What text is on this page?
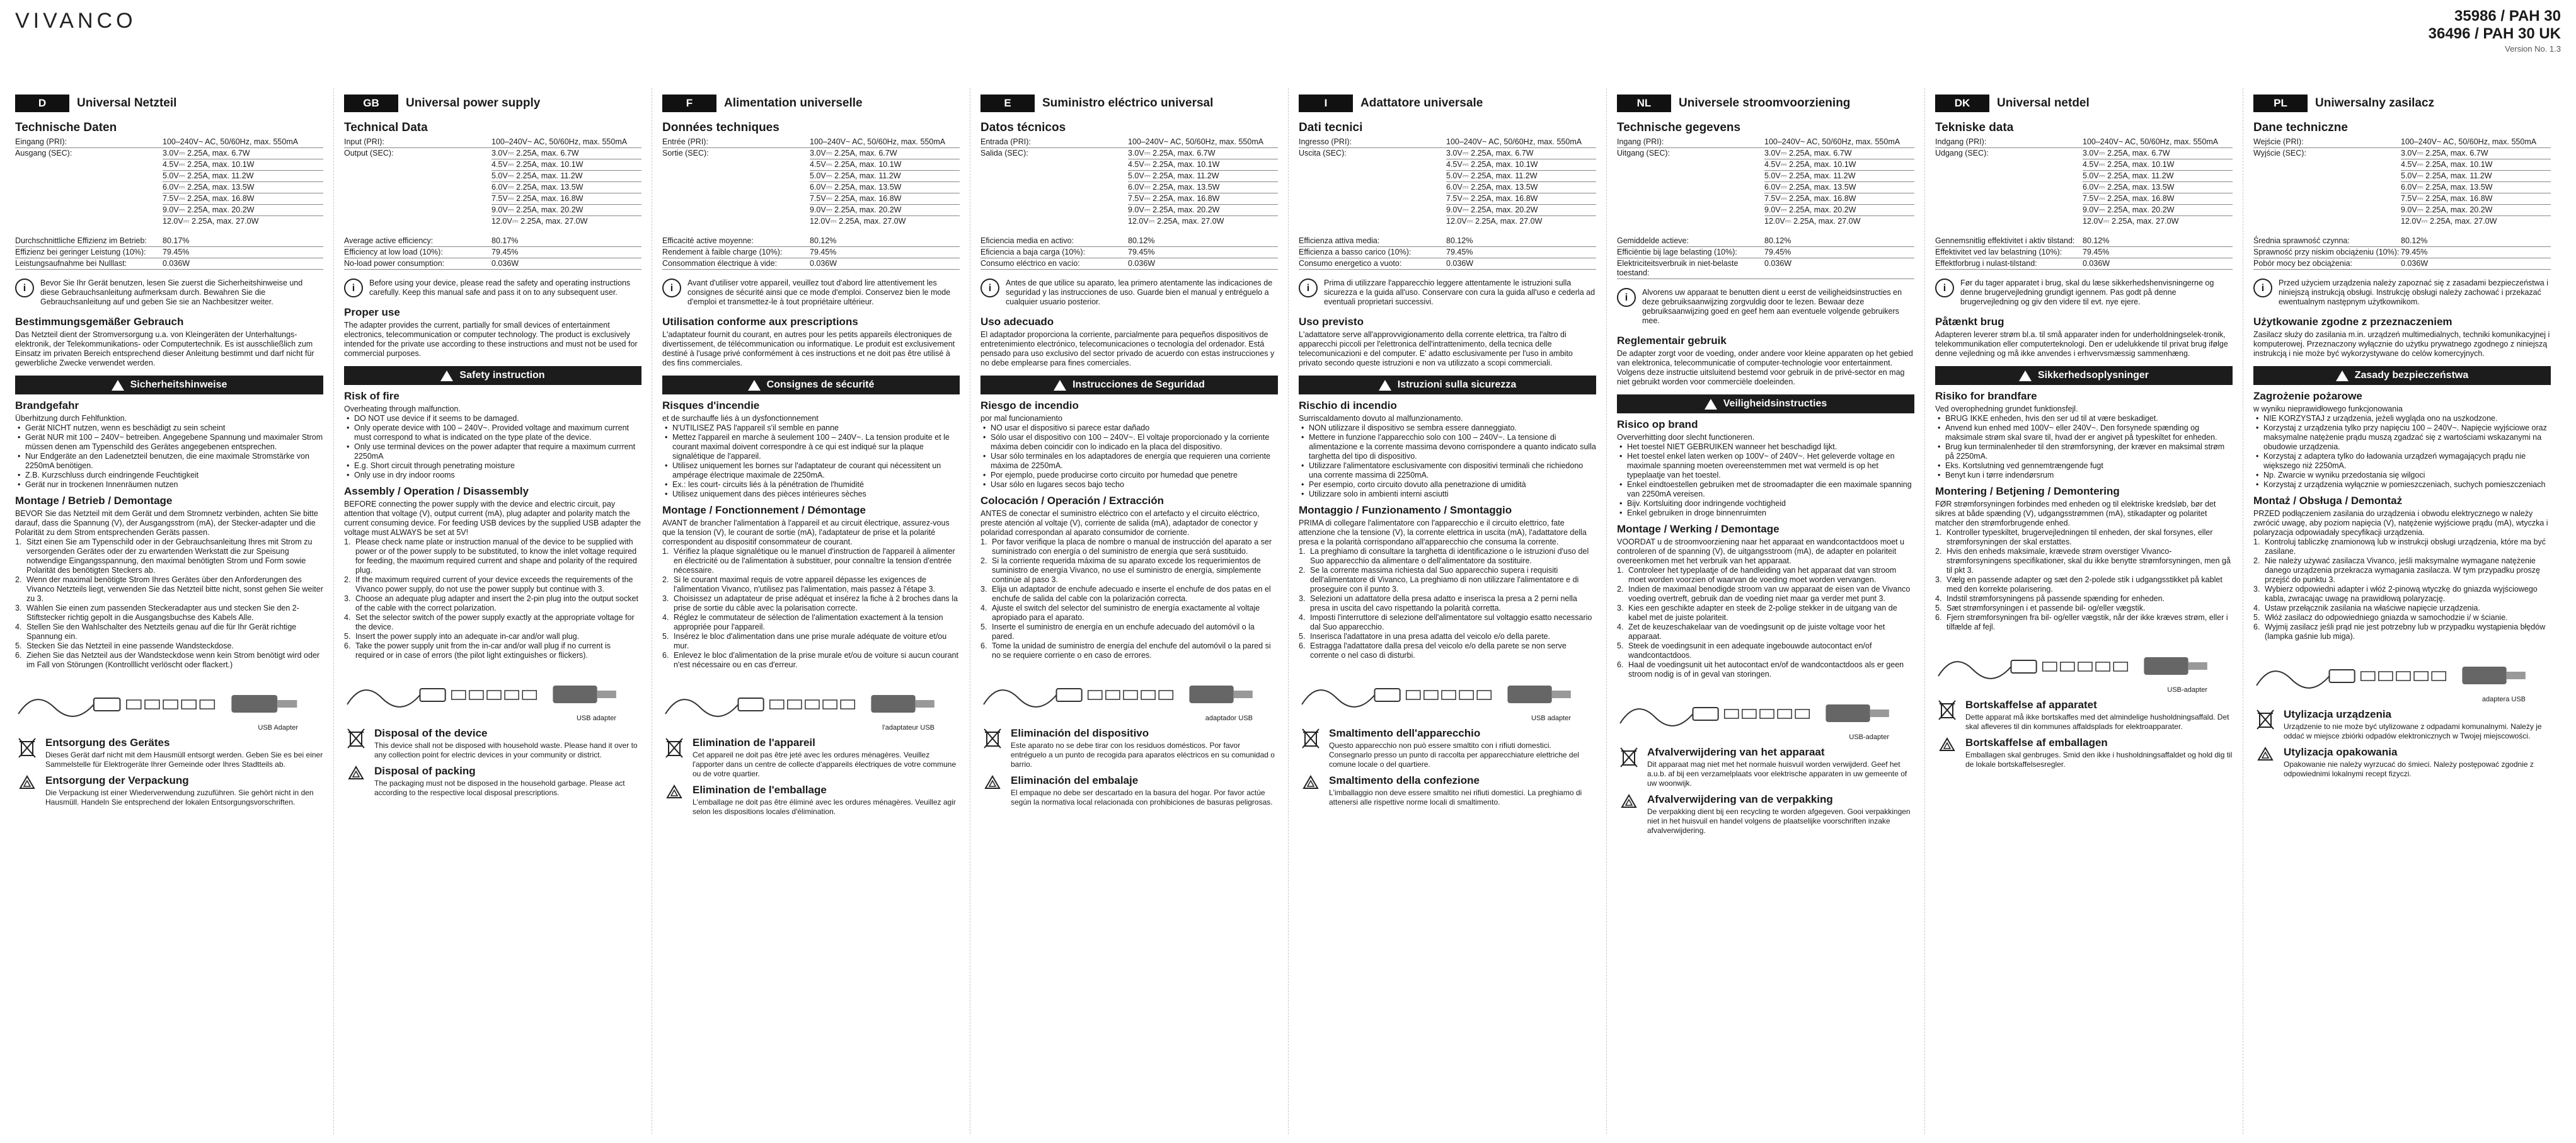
VIVANCO	35986 / PAH 30
36496 / PAH 30 UK
Version No. 1.3
D	Universal Netzteil
Technische Daten
Eingang (PRI):	100–240V~ AC, 50/60Hz, max. 550mA
Ausgang (SEC):	3.0V⎓ 2.25A, max. 6.7W
4.5V⎓ 2.25A, max. 10.1W
5.0V⎓ 2.25A, max. 11.2W
6.0V⎓ 2.25A, max. 13.5W
7.5V⎓ 2.25A, max. 16.8W
9.0V⎓ 2.25A, max. 20.2W
12.0V⎓ 2.25A, max. 27.0W
Durchschnittliche Effizienz im Betrieb:	80.17%
Effizienz bei geringer Leistung (10%):	79.45%
Leistungsaufnahme bei Nulllast:	0.036W
i	Bevor Sie Ihr Gerät benutzen, lesen Sie zuerst die Sicherheitshinweise und diese Gebrauchsanleitung aufmerksam durch. Bewahren Sie die Gebrauchsanleitung auf und geben Sie sie an Nachbesitzer weiter.
Bestimmungsgemäßer Gebrauch
Das Netzteil dient der Stromversorgung u.a. von Kleingeräten der Unterhaltungs-elektronik, der Telekommunikations- oder Computertechnik. Es ist ausschließlich zum Einsatz im privaten Bereich entsprechend dieser Anleitung bestimmt und darf nicht für gewerbliche Zwecke verwendet werden.
Sicherheitshinweise
Brandgefahr
Überhitzung durch Fehlfunktion.
• Gerät NICHT nutzen, wenn es beschädigt zu sein scheint
• Gerät NUR mit 100 – 240V~ betreiben. Angegebene Spannung und maximaler Strom müssen denen am Typenschild des Gerätes angegebenen entsprechen.
• Nur Endgeräte an den Ladenetzteil benutzen, die eine maximale Stromstärke von 2250mA benötigen.
• Z.B. Kurzschluss durch eindringende Feuchtigkeit
• Gerät nur in trockenen Innenräumen nutzen
Montage / Betrieb / Demontage
BEVOR Sie das Netzteil mit dem Gerät und dem Stromnetz verbinden, achten Sie bitte darauf, dass die Spannung (V), der Ausgangsstrom (mA), der Stecker-adapter und die Polarität zu dem Strom entsprechenden Geräts passen.
1. Sitzt einen Sie am Typenschild oder in der Gebrauchsanleitung Ihres mit Strom zu versorgenden Gerätes oder der zu erwartenden Werkstatt die zur Speisung notwendige Eingangsspannung, den maximal benötigten Strom und Form sowie Polarität des benötigten Steckers ab.
2. Wenn der maximal benötigte Strom Ihres Gerätes über den Anforderungen des Vivanco Netzteils liegt, verwenden Sie das Netzteil bitte nicht, sonst gehen Sie weiter zu 3.
3. Wählen Sie einen zum passenden Steckeradapter aus und stecken Sie den 2-Stiftstecker richtig gepolt in die Ausgangsbuchse des Kabels Alle.
4. Stellen Sie den Wahlschalter des Netzteils genau auf die für Ihr Gerät richtige Spannung ein.
5. Stecken Sie das Netzteil in eine passende Wandsteckdose.
6. Ziehen Sie das Netzteil aus der Wandsteckdose wenn kein Strom benötigt wird oder im Fall von Störungen (Kontrolllicht verlöscht oder flackert.)
USB Adapter
Entsorgung des Gerätes
Dieses Gerät darf nicht mit dem Hausmüll entsorgt werden. Geben Sie es bei einer Sammelstelle für Elektrogeräte Ihrer Gemeinde oder Ihres Stadtteils ab.
Entsorgung der Verpackung
Die Verpackung ist einer Wiederverwendung zuzuführen. Sie gehört nicht in den Hausmüll. Handeln Sie entsprechend der lokalen Entsorgungsvorschriften.
GB	Universal power supply
Technical Data
Input (PRI):	100–240V~ AC, 50/60Hz, max. 550mA
Output (SEC):	3.0V⎓ 2.25A, max. 6.7W
4.5V⎓ 2.25A, max. 10.1W
5.0V⎓ 2.25A, max. 11.2W
6.0V⎓ 2.25A, max. 13.5W
7.5V⎓ 2.25A, max. 16.8W
9.0V⎓ 2.25A, max. 20.2W
12.0V⎓ 2.25A, max. 27.0W
Average active efficiency:	80.17%
Efficiency at low load (10%):	79.45%
No-load power consumption:	0.036W
i	Before using your device, please read the safety and operating instructions carefully. Keep this manual safe and pass it on to any subsequent user.
Proper use
The adapter provides the current, partially for small devices of entertainment electronics, telecommunication or computer technology. The product is exclusively intended for the private use according to these instructions and must not be used for commercial purposes.
Safety instruction
Risk of fire
Overheating through malfunction.
• DO NOT use device if it seems to be damaged.
• Only operate device with 100 – 240V~. Provided voltage and maximum current must correspond to what is indicated on the type plate of the device.
• Only use terminal devices on the power adapter that require a maximum currrent 2250mA
• E.g. Short circuit through penetrating moisture
• Only use in dry indoor rooms
Assembly / Operation / Disassembly
BEFORE connecting the power supply with the device and electric circuit, pay attention that voltage (V), output current (mA), plug adapter and polarity match the current consuming device. For feeding USB devices by the supplied USB adapter the voltage must ALWAYS be set at 5V!
1. Please check name plate or instruction manual of the device to be supplied with power or of the power supply to be substituted, to know the inlet voltage required for feeding, the maximum required current and shape and polarity of the required plug.
2. If the maximum required current of your device exceeds the requirements of the Vivanco power supply, do not use the power supply but continue with 3.
3. Choose an adequate plug adapter and insert the 2-pin plug into the output socket of the cable with the correct polarization.
4. Set the selector switch of the power supply exactly at the appropriate voltage for the device.
5. Insert the power supply into an adequate in-car and/or wall plug.
6. Take the power supply unit from the in-car and/or wall plug if no current is required or in case of errors (the pilot light extinguishes or flickers).
USB adapter
Disposal of the device
This device shall not be disposed with household waste. Please hand it over to any collection point for electric devices in your community or district.
Disposal of packing
The packaging must not be disposed in the household garbage. Please act according to the respective local disposal prescriptions.
F	Alimentation universelle
Données techniques
Entrée (PRI):	100–240V~ AC, 50/60Hz, max. 550mA
Sortie (SEC):	3.0V⎓ 2.25A, max. 6.7W
4.5V⎓ 2.25A, max. 10.1W
5.0V⎓ 2.25A, max. 11.2W
6.0V⎓ 2.25A, max. 13.5W
7.5V⎓ 2.25A, max. 16.8W
9.0V⎓ 2.25A, max. 20.2W
12.0V⎓ 2.25A, max. 27.0W
Efficacité active moyenne:	80.12%
Rendement à faible charge (10%):	79.45%
Consommation électrique à vide:	0.036W
i	Avant d'utiliser votre appareil, veuillez tout d'abord lire attentivement les consignes de sécurité ainsi que ce mode d'emploi. Conservez bien le mode d'emploi et transmettez-le à tout propriétaire ultérieur.
Utilisation conforme aux prescriptions
L'adaptateur fournit du courant, en autres pour les petits appareils électroniques de divertissement, de télécommunication ou informatique. Le produit est exclusivement destiné à l'usage privé conformément à ces instructions et ne doit pas être utilisé à des fins commerciales.
Consignes de sécurité
Risques d'incendie
et de surchauffe liés à un dysfonctionnement
• N'UTILISEZ PAS l'appareil s'il semble en panne
• Mettez l'appareil en marche à seulement 100 – 240V~. La tension produite et le courant maximal doivent correspondre à ce qui est indiqué sur la plaque signalétique de l'appareil.
• Utilisez uniquement les bornes sur l'adaptateur de courant qui nécessitent un ampérage électrique maximale de 2250mA.
• Ex.: les court- circuits liés à la pénétration de l'humidité
• Utilisez uniquement dans des pièces intérieures sèches
Montage / Fonctionnement / Démontage
AVANT de brancher l'alimentation à l'appareil et au circuit électrique, assurez-vous que la tension (V), le courant de sortie (mA), l'adaptateur de prise et la polarité correspondent au dispositif consommateur de courant.
1. Vérifiez la plaque signalétique ou le manuel d'instruction de l'appareil à alimenter en électricité ou de l'alimentation à substituer, pour connaître la tension d'entrée nécessaire.
2. Si le courant maximal requis de votre appareil dépasse les exigences de l'alimentation Vivanco, n'utilisez pas l'alimentation, mais passez à l'étape 3.
3. Choisissez un adaptateur de prise adéquat et insérez la fiche à 2 broches dans la prise de sortie du câble avec la polarisation correcte.
4. Réglez le commutateur de sélection de l'alimentation exactement à la tension appropriée pour l'appareil.
5. Insérez le bloc d'alimentation dans une prise murale adéquate de voiture et/ou mur.
6. Enlevez le bloc d'alimentation de la prise murale et/ou de voiture si aucun courant n'est nécessaire ou en cas d'erreur.
l'adaptateur USB
Elimination de l'appareil
Cet appareil ne doit pas être jeté avec les ordures ménagères. Veuillez l'apporter dans un centre de collecte d'appareils électriques de votre commune ou de votre quartier.
Elimination de l'emballage
L'emballage ne doit pas être éliminé avec les ordures ménagères. Veuillez agir selon les dispositions locales d'élimination.
E	Suministro eléctrico universal
Datos técnicos
Entrada (PRI):	100–240V~ AC, 50/60Hz, max. 550mA
Salida (SEC):	3.0V⎓ 2.25A, max. 6.7W
4.5V⎓ 2.25A, max. 10.1W
5.0V⎓ 2.25A, max. 11.2W
6.0V⎓ 2.25A, max. 13.5W
7.5V⎓ 2.25A, max. 16.8W
9.0V⎓ 2.25A, max. 20.2W
12.0V⎓ 2.25A, max. 27.0W
Eficiencia media en activo:	80.12%
Eficiencia a baja carga (10%):	79.45%
Consumo eléctrico en vacío:	0.036W
i	Antes de que utilice su aparato, lea primero atentamente las indicaciones de seguridad y las instrucciones de uso. Guarde bien el manual y entréguelo a cualquier usuario posterior.
Uso adecuado
El adaptador proporciona la corriente, parcialmente para pequeños dispositivos de entretenimiento electrónico, telecomunicaciones o tecnología del ordenador. Está pensado para uso exclusivo del sector privado de acuerdo con estas instrucciones y no debe emplearse para fines comerciales.
Instrucciones de Seguridad
Riesgo de incendio
por mal funcionamiento
• NO usar el dispositivo si parece estar dañado
• Sólo usar el dispositivo con 100 – 240V~. El voltaje proporcionado y la corriente máxima deben coincidir con lo indicado en la placa del dispositivo.
• Usar sólo terminales en los adaptadores de energía que requieren una corriente máxima de 2250mA.
• Por ejemplo, puede producirse corto circuito por humedad que penetre
• Usar sólo en lugares secos bajo techo
Colocación / Operación / Extracción
ANTES de conectar el suministro eléctrico con el artefacto y el circuito eléctrico, preste atención al voltaje (V), corriente de salida (mA), adaptador de conector y polaridad correspondan al aparato consumidor de corriente.
1. Por favor verifique la placa de nombre o manual de instrucción del aparato a ser suministrado con energía o del suministro de energía que será sustituido.
2. Si la corriente requerida máxima de su aparato excede los requerimientos de suministro de energía Vivanco, no use el suministro de energía, simplemente continúe al paso 3.
3. Elija un adaptador de enchufe adecuado e inserte el enchufe de dos patas en el enchufe de salida del cable con la polarización correcta.
4. Ajuste el switch del selector del suministro de energía exactamente al voltaje apropiado para el aparato.
5. Inserte el suministro de energía en un enchufe adecuado del automóvil o la pared.
6. Tome la unidad de suministro de energía del enchufe del automóvil o la pared si no se requiere corriente o en caso de errores.
adaptador USB
Eliminación del dispositivo
Este aparato no se debe tirar con los residuos domésticos. Por favor entréguelo a un punto de recogida para aparatos eléctricos en su comunidad o barrio.
Eliminación del embalaje
El empaque no debe ser descartado en la basura del hogar. Por favor actúe según la normativa local relacionada con prohibiciones de basuras peligrosas.
I	Adattatore universale
Dati tecnici
Ingresso (PRI):	100–240V~ AC, 50/60Hz, max. 550mA
Uscita (SEC):	3.0V⎓ 2.25A, max. 6.7W
4.5V⎓ 2.25A, max. 10.1W
5.0V⎓ 2.25A, max. 11.2W
6.0V⎓ 2.25A, max. 13.5W
7.5V⎓ 2.25A, max. 16.8W
9.0V⎓ 2.25A, max. 20.2W
12.0V⎓ 2.25A, max. 27.0W
Efficienza attiva media:	80.12%
Efficienza a basso carico (10%):	79.45%
Consumo energetico a vuoto:	0.036W
i	Prima di utilizzare l'apparecchio leggere attentamente le istruzioni sulla sicurezza e la guida all'uso. Conservare con cura la guida all'uso e cederla ad eventuali proprietari successivi.
Uso previsto
L'adattatore serve all'approvvigionamento della corrente elettrica, tra l'altro di apparecchi piccoli per l'elettronica dell'intrattenimento, della tecnica delle telecomunicazioni e del computer. E' adatto esclusivamente per l'uso in ambito privato secondo queste istruzioni e non va utilizzato a scopi commerciali.
Istruzioni sulla sicurezza
Rischio di incendio
Surriscaldamento dovuto al malfunzionamento.
• NON utilizzare il dispositivo se sembra essere danneggiato.
• Mettere in funzione l'apparecchio solo con 100 – 240V~. La tensione di alimentazione e la corrente massima devono corrispondere a quanto indicato sulla targhetta del tipo di dispositivo.
• Utilizzare l'alimentatore esclusivamente con dispositivi terminali che richiedono una corrente massima di 2250mA.
• Per esempio, corto circuito dovuto alla penetrazione di umidità
• Utilizzare solo in ambienti interni asciutti
Montaggio / Funzionamento / Smontaggio
PRIMA di collegare l'alimentatore con l'apparecchio e il circuito elettrico, fate attenzione che la tensione (V), la corrente elettrica in uscita (mA), l'adattatore della presa e la polarità corrispondano all'apparecchio che consuma la corrente.
1. La preghiamo di consultare la targhetta di identificazione o le istruzioni d'uso del Suo apparecchio da alimentare o dell'alimentatore da sostituire.
2. Se la corrente massima richiesta dal Suo apparecchio supera i requisiti dell'alimentatore di Vivanco, La preghiamo di non utilizzare l'alimentatore e di proseguire con il punto 3.
3. Selezioni un adattatore della presa adatto e inserisca la presa a 2 perni nella presa in uscita del cavo rispettando la polarità corretta.
4. Imposti l'interruttore di selezione dell'alimentatore sul voltaggio esatto necessario dal Suo apparecchio.
5. Inserisca l'adattatore in una presa adatta del veicolo e/o della parete.
6. Estragga l'adattatore dalla presa del veicolo e/o della parete se non serve corrente o nel caso di disturbi.
USB adapter
Smaltimento dell'apparecchio
Questo apparecchio non può essere smaltito con i rifiuti domestici. Consegnarlo presso un punto di raccolta per apparecchiature elettriche del comune locale o del quartiere.
Smaltimento della confezione
L'imballaggio non deve essere smaltito nei rifiuti domestici. La preghiamo di attenersi alle rispettive norme locali di smaltimento.
NL	Universele stroomvoorziening
Technische gegevens
Ingang (PRI):	100–240V~ AC, 50/60Hz, max. 550mA
Uitgang (SEC):	3.0V⎓ 2.25A, max. 6.7W
4.5V⎓ 2.25A, max. 10.1W
5.0V⎓ 2.25A, max. 11.2W
6.0V⎓ 2.25A, max. 13.5W
7.5V⎓ 2.25A, max. 16.8W
9.0V⎓ 2.25A, max. 20.2W
12.0V⎓ 2.25A, max. 27.0W
Gemiddelde actieve:	80.12%
Efficiëntie bij lage belasting (10%):	79.45%
Elektriciteitsverbruik in niet-belaste toestand:
0.036W
i	Alvorens uw apparaat te benutten dient u eerst de veiligheidsinstructies en deze gebruiksaanwijzing zorgvuldig door te lezen. Bewaar deze gebruiksaanwijzing goed en geef hem aan eventuele volgende gebruikers mee.
Reglementair gebruik
De adapter zorgt voor de voeding, onder andere voor kleine apparaten op het gebied van elektronica, telecommunicatie of computer-technologie voor entertainment. Volgens deze instructie uitsluitend bestemd voor gebruik in de privé-sector en mag niet gebruikt worden voor commerciële doeleinden.
Veiligheidsinstructies
Risico op brand
Oververhitting door slecht functioneren.
• Het toestel NIET GEBRUIKEN wanneer het beschadigd lijkt.
• Het toestel enkel laten werken op 100V~ of 240V~. Het geleverde voltage en maximale spanning moeten overeenstemmen met wat vermeld is op het typeplaatje van het toestel.
• Enkel eindtoestellen gebruiken met de stroomadapter die een maximale spanning van 2250mA vereisen.
• Bijv. Kortsluiting door indringende vochtigheid
• Enkel gebruiken in droge binnenruimten
Montage / Werking / Demontage
VOORDAT u de stroomvoorziening naar het apparaat en wandcontactdoos moet u controleren of de spanning (V), de uitgangsstroom (mA), de adapter en polariteit overeenkomen met het verbruik van het apparaat.
1. Controleer het typeplaatje of de handleiding van het apparaat dat van stroom moet worden voorzien of waarvan de voeding moet worden vervangen.
2. Indien de maximaal benodigde stroom van uw apparaat de eisen van de Vivanco voeding overtreft, gebruik dan de voeding niet maar ga verder met punt 3.
3. Kies een geschikte adapter en steek de 2-polige stekker in de uitgang van de kabel met de juiste polariteit.
4. Zet de keuzeschakelaar van de voedingsunit op de juiste voltage voor het apparaat.
5. Steek de voedingsunit in een adequate ingebouwde autocontact en/of wandcontactdoos.
6. Haal de voedingsunit uit het autocontact en/of de wandcontactdoos als er geen stroom nodig is of in geval van storingen.
USB-adapter
Afvalverwijdering van het apparaat
Dit apparaat mag niet met het normale huisvuil worden verwijderd. Geef het a.u.b. af bij een verzamelplaats voor elektrische apparaten in uw gemeente of uw woonwijk.
Afvalverwijdering van de verpakking
De verpakking dient bij een recycling te worden afgegeven. Gooi verpakkingen niet in het huisvuil en handel volgens de plaatselijke voorschriften inzake afvalverwijdering.
DK	Universal netdel
Tekniske data
Indgang (PRI):	100–240V~ AC, 50/60Hz, max. 550mA
Udgang (SEC):	3.0V⎓ 2.25A, max. 6.7W
4.5V⎓ 2.25A, max. 10.1W
5.0V⎓ 2.25A, max. 11.2W
6.0V⎓ 2.25A, max. 13.5W
7.5V⎓ 2.25A, max. 16.8W
9.0V⎓ 2.25A, max. 20.2W
12.0V⎓ 2.25A, max. 27.0W
Gennemsnitlig effektivitet i aktiv tilstand:	80.12%
Effektivitet ved lav belastning (10%):	79.45%
Effektforbrug i nulast-tilstand:	0.036W
i	Før du tager apparatet i brug, skal du læse sikkerhedshenvisningerne og denne brugervejledning grundigt igennem. Pas godt på denne brugervejledning og giv den videre til evt. nye ejere.
Påtænkt brug
Adapteren leverer strøm bl.a. til små apparater inden for underholdningselek-tronik, telekommunikation eller computerteknologi. Den er udelukkende til privat brug ifølge denne vejledning og må ikke anvendes i erhvervsmæssig sammenhæng.
Sikkerhedsoplysninger
Risiko for brandfare
Ved overophedning grundet funktionsfejl.
• BRUG IKKE enheden, hvis den ser ud til at være beskadiget.
• Anvend kun enhed med 100V~ eller 240V~. Den forsynede spænding og maksimale strøm skal svare til, hvad der er angivet på typeskiltet for enheden.
• Brug kun terminalenheder til den strømforsyning, der kræver en maksimal strøm på 2250mA.
• Eks. Kortslutning ved gennemtrængende fugt
• Benyt kun i tørre indendørsrum
Montering / Betjening / Demontering
FØR strømforsyningen forbindes med enheden og til elektriske kredsløb, bør det sikres at både spænding (V), udgangsstrømmen (mA), stikadapter og polaritet matcher den strømforbrugende enhed.
1. Kontroller typeskiltet, brugervejledningen til enheden, der skal forsynes, eller strømforsyningen der skal erstattes.
2. Hvis den enheds maksimale, krævede strøm overstiger Vivanco-strømforsyningens specifikationer, skal du ikke benytte strømforsyningen, men gå til pkt 3.
3. Vælg en passende adapter og sæt den 2-polede stik i udgangsstikket på kablet med den korrekte polarisering.
4. Indstil strømforsyningens på passende spænding for enheden.
5. Sæt strømforsyningen i et passende bil- og/eller vægstik.
6. Fjern strømforsyningen fra bil- og/eller vægstik, når der ikke kræves strøm, eller i tilfælde af fejl.
USB-adapter
Bortskaffelse af apparatet
Dette apparat må ikke bortskaffes med det almindelige husholdningsaffald. Det skal afleveres til din kommunes affaldsplads for elektroapparater.
Bortskaffelse af emballagen
Emballagen skal genbruges. Smid den ikke i husholdningsaffaldet og hold dig til de lokale bortskaffelsesregler.
PL	Uniwersalny zasilacz
Dane techniczne
Wejście (PRI):	100–240V~ AC, 50/60Hz, max. 550mA
Wyjście (SEC):	3.0V⎓ 2.25A, max. 6.7W
4.5V⎓ 2.25A, max. 10.1W
5.0V⎓ 2.25A, max. 11.2W
6.0V⎓ 2.25A, max. 13.5W
7.5V⎓ 2.25A, max. 16.8W
9.0V⎓ 2.25A, max. 20.2W
12.0V⎓ 2.25A, max. 27.0W
Średnia sprawność czynna:	80.12%
Sprawność przy niskim obciążeniu (10%): 79.45%
Pobór mocy bez obciążenia:	0.036W
i	Przed użyciem urządzenia należy zapoznać się z zasadami bezpieczeństwa i niniejszą instrukcją obsługi. Instrukcję obsługi należy zachować i przekazać ewentualnym następnym użytkownikom.
Użytkowanie zgodne z przeznaczeniem
Zasilacz służy do zasilania m.in. urządzeń multimedialnych, techniki komunikacyjnej i komputerowej. Przeznaczony wyłącznie do użytku prywatnego zgodnego z niniejszą instrukcją i nie może być wykorzystywane do celów komercyjnych.
Zasady bezpieczeństwa
Zagrożenie pożarowe
w wyniku nieprawidłowego funkcjonowania
• NIE KORZYSTAJ z urządzenia, jeżeli wygląda ono na uszkodzone.
• Korzystaj z urządzenia tylko przy napięciu 100 – 240V~. Napięcie wyjściowe oraz maksymalne natężenie prądu muszą zgadzać się z wartościami wskazanymi na obudowie urządzenia.
• Korzystaj z adaptera tylko do ładowania urządzeń wymagających prądu nie większego niż 2250mA.
• Np. Zwarcie w wyniku przedostania się wilgoci
• Korzystaj z urządzenia wyłącznie w pomieszczeniach, suchych pomieszczeniach
Montaż / Obsługa / Demontaż
PRZED podłączeniem zasilania do urządzenia i obwodu elektrycznego w należy zwrócić uwagę, aby poziom napięcia (V), natężenie wyjściowe prądu (mA), wtyczka i polaryzacja odpowiadały specyfikacji urządzenia.
1. Kontroluj tabliczkę znamionową lub w instrukcji obsługi urządzenia, które ma być zasilane.
2. Nie należy używać zasilacza Vivanco, jeśli maksymalne wymagane natężenie danego urządzenia przekracza wymagania zasilacza. W tym przypadku proszę przejść do punktu 3.
3. Wybierz odpowiedni adapter i włóż 2-pinową wtyczkę do gniazda wyjściowego kabla, zwracając uwagę na prawidłową polaryzację.
4. Ustaw przełącznik zasilania na właściwe napięcie urządzenia.
5. Włóż zasilacz do odpowiedniego gniazda w samochodzie i/ w ścianie.
6. Wyjmij zasilacz jeśli prąd nie jest potrzebny lub w przypadku wystąpienia błędów (lampka gaśnie lub miga).
adaptera USB
Utylizacja urządzenia
Urządzenie to nie może być utylizowane z odpadami komunalnymi. Należy je oddać w miejsce zbiórki odpadów elektronicznych w Twojej miejscowości.
Utylizacja opakowania
Opakowanie nie należy wyrzucać do śmieci. Należy postępować zgodnie z odpowiednimi lokalnymi recept fizyczi.
